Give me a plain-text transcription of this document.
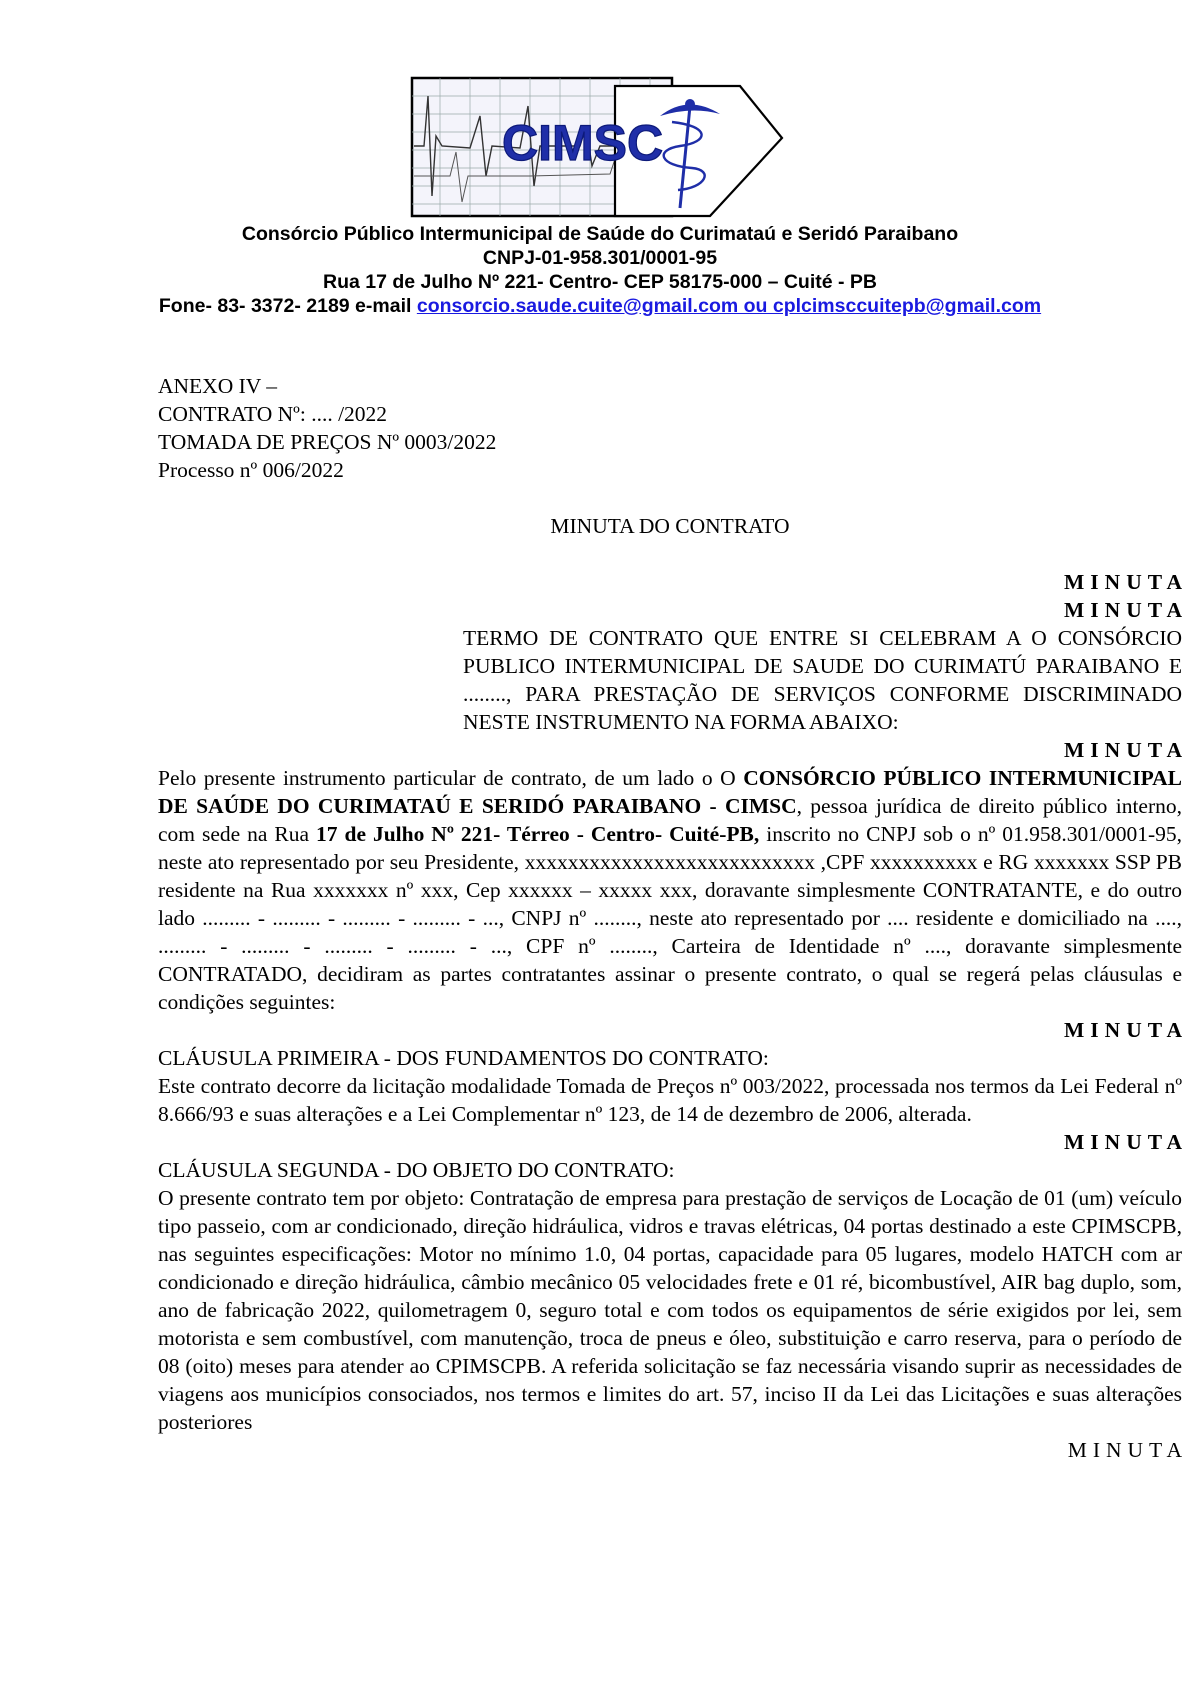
CIMSC
Consórcio Público Intermunicipal de Saúde do Curimataú e Seridó Paraibano
CNPJ-01-958.301/0001-95
Rua 17 de Julho Nº 221- Centro- CEP 58175-000 – Cuité - PB
Fone- 83- 3372- 2189 e-mail consorcio.saude.cuite@gmail.com ou cplcimsccuitepb@gmail.com
ANEXO IV –
CONTRATO Nº: .... /2022
TOMADA DE PREÇOS Nº 0003/2022
Processo nº 006/2022
MINUTA DO CONTRATO
MINUTA
MINUTA
TERMO DE CONTRATO QUE ENTRE SI CELEBRAM A O CONSÓRCIO PUBLICO INTERMUNICIPAL DE SAUDE DO CURIMATÚ PARAIBANO E ........, PARA PRESTAÇÃO DE SERVIÇOS CONFORME DISCRIMINADO NESTE INSTRUMENTO NA FORMA ABAIXO:
MINUTA
Pelo presente instrumento particular de contrato, de um lado o O CONSÓRCIO PÚBLICO INTERMUNICIPAL DE SAÚDE DO CURIMATAÚ E SERIDÓ PARAIBANO - CIMSC, pessoa jurídica de direito público interno, com sede na Rua 17 de Julho Nº 221- Térreo - Centro- Cuité-PB, inscrito no CNPJ sob o nº 01.958.301/0001-95, neste ato representado por seu Presidente, xxxxxxxxxxxxxxxxxxxxxxxxxxx ,CPF xxxxxxxxxx e RG xxxxxxx SSP PB residente na Rua xxxxxxx nº xxx, Cep xxxxxx – xxxxx xxx, doravante simplesmente CONTRATANTE, e do outro lado ......... - ......... - ......... - ......... - ..., CNPJ nº ........, neste ato representado por .... residente e domiciliado na ...., ......... - ......... - ......... - ......... - ..., CPF nº ........, Carteira de Identidade nº ...., doravante simplesmente CONTRATADO, decidiram as partes contratantes assinar o presente contrato, o qual se regerá pelas cláusulas e condições seguintes:
MINUTA
CLÁUSULA PRIMEIRA - DOS FUNDAMENTOS DO CONTRATO:
Este contrato decorre da licitação modalidade Tomada de Preços nº 003/2022, processada nos termos da Lei Federal nº 8.666/93 e suas alterações e a Lei Complementar nº 123, de 14 de dezembro de 2006, alterada.
MINUTA
CLÁUSULA SEGUNDA - DO OBJETO DO CONTRATO:
O presente contrato tem por objeto: Contratação de empresa para prestação de serviços de Locação de 01 (um) veículo tipo passeio, com ar condicionado, direção hidráulica, vidros e travas elétricas, 04 portas destinado a este CPIMSCPB, nas seguintes especificações: Motor no mínimo 1.0, 04 portas, capacidade para 05 lugares, modelo HATCH com ar condicionado e direção hidráulica, câmbio mecânico 05 velocidades frete e 01 ré, bicombustível, AIR bag duplo, som, ano de fabricação 2022, quilometragem 0, seguro total e com todos os equipamentos de série exigidos por lei, sem motorista e sem combustível, com manutenção, troca de pneus e óleo, substituição e carro reserva, para o período de 08 (oito) meses para atender ao CPIMSCPB. A referida solicitação se faz necessária visando suprir as necessidades de viagens aos municípios consociados, nos termos e limites do art. 57, inciso II da Lei das Licitações e suas alterações posteriores
MINUTA
